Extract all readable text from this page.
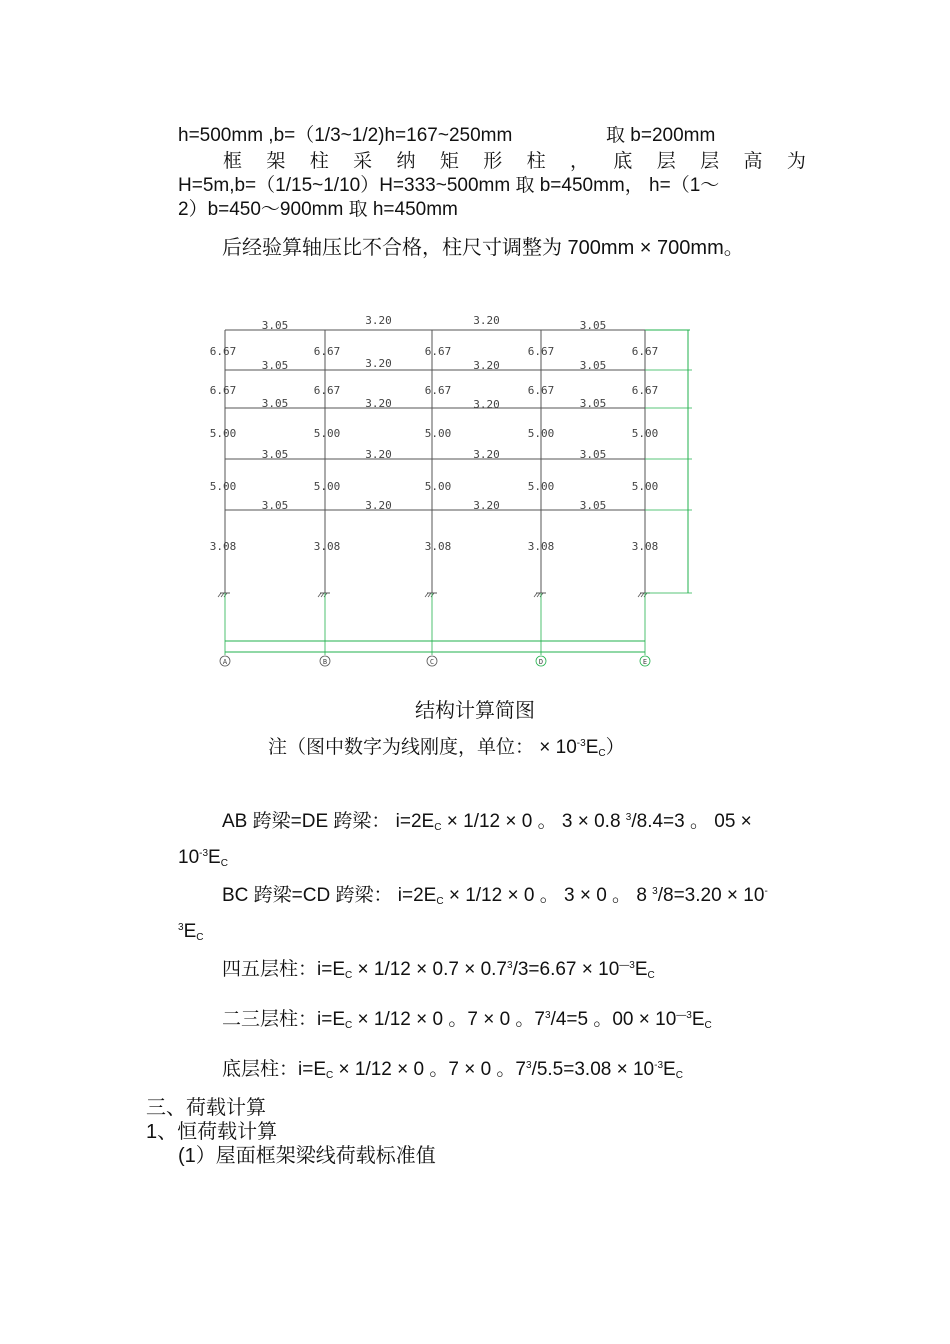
h=500mm ,b=（1/3~1/2)h=167~250mm	取 b=200mm
框 架 柱 采 纳 矩 形 柱 ， 底 层 层 高 为
H=5m,b=（1/15~1/10）H=333~500mm 取 b=450mm， h=（1～
2）b=450～900mm 取 h=450mm
后经验算轴压比不合格，柱尺寸调整为 700mm × 700mm。
3.05	3.20	3.20	3.05
3.05	3.20	3.20	3.05
3.05	3.20	3.20	3.05
3.05	3.20	3.20	3.05
3.05	3.20	3.20	3.05
6.67	6.67	6.67	6.67	6.67
6.67	6.67	6.67	6.67	6.67
5.00	5.00	5.00	5.00	5.00
5.00	5.00	5.00	5.00	5.00
3.08	3.08	3.08	3.08	3.08
A	B	C	D	E
结构计算简图
注（图中数字为线刚度，单位： × $10^{-3}E_C$）
AB 跨梁=DE 跨梁： $i=2E_C \times 1/12 \times 0$ 。 3 × 0.8 $^3$/8.4=3 。 05 ×
$10^{-3}E_C$
BC 跨梁=CD 跨梁： $i=2E_C \times 1/12 \times 0$ 。 3 × 0 。 8 $^3$/8=3.20 × 10-
$^3E_C$
四五层柱：$i=E_C \times 1/12 \times 0.7 \times 0.7^3/3=6.67 \times 10^{—3}E_C$
二三层柱：$i=E_C \times 1/12 \times 0$ 。7 × 0 。$7^3/4=5$ 。$00 \times 10^{—3}E_C$
底层柱：$i=E_C \times 1/12 \times 0$ 。7 × 0 。$7^3/5.5=3.08 \times 10^{-3}E_C$
三、荷载计算
1、恒荷载计算
(1）屋面框架梁线荷载标准值
